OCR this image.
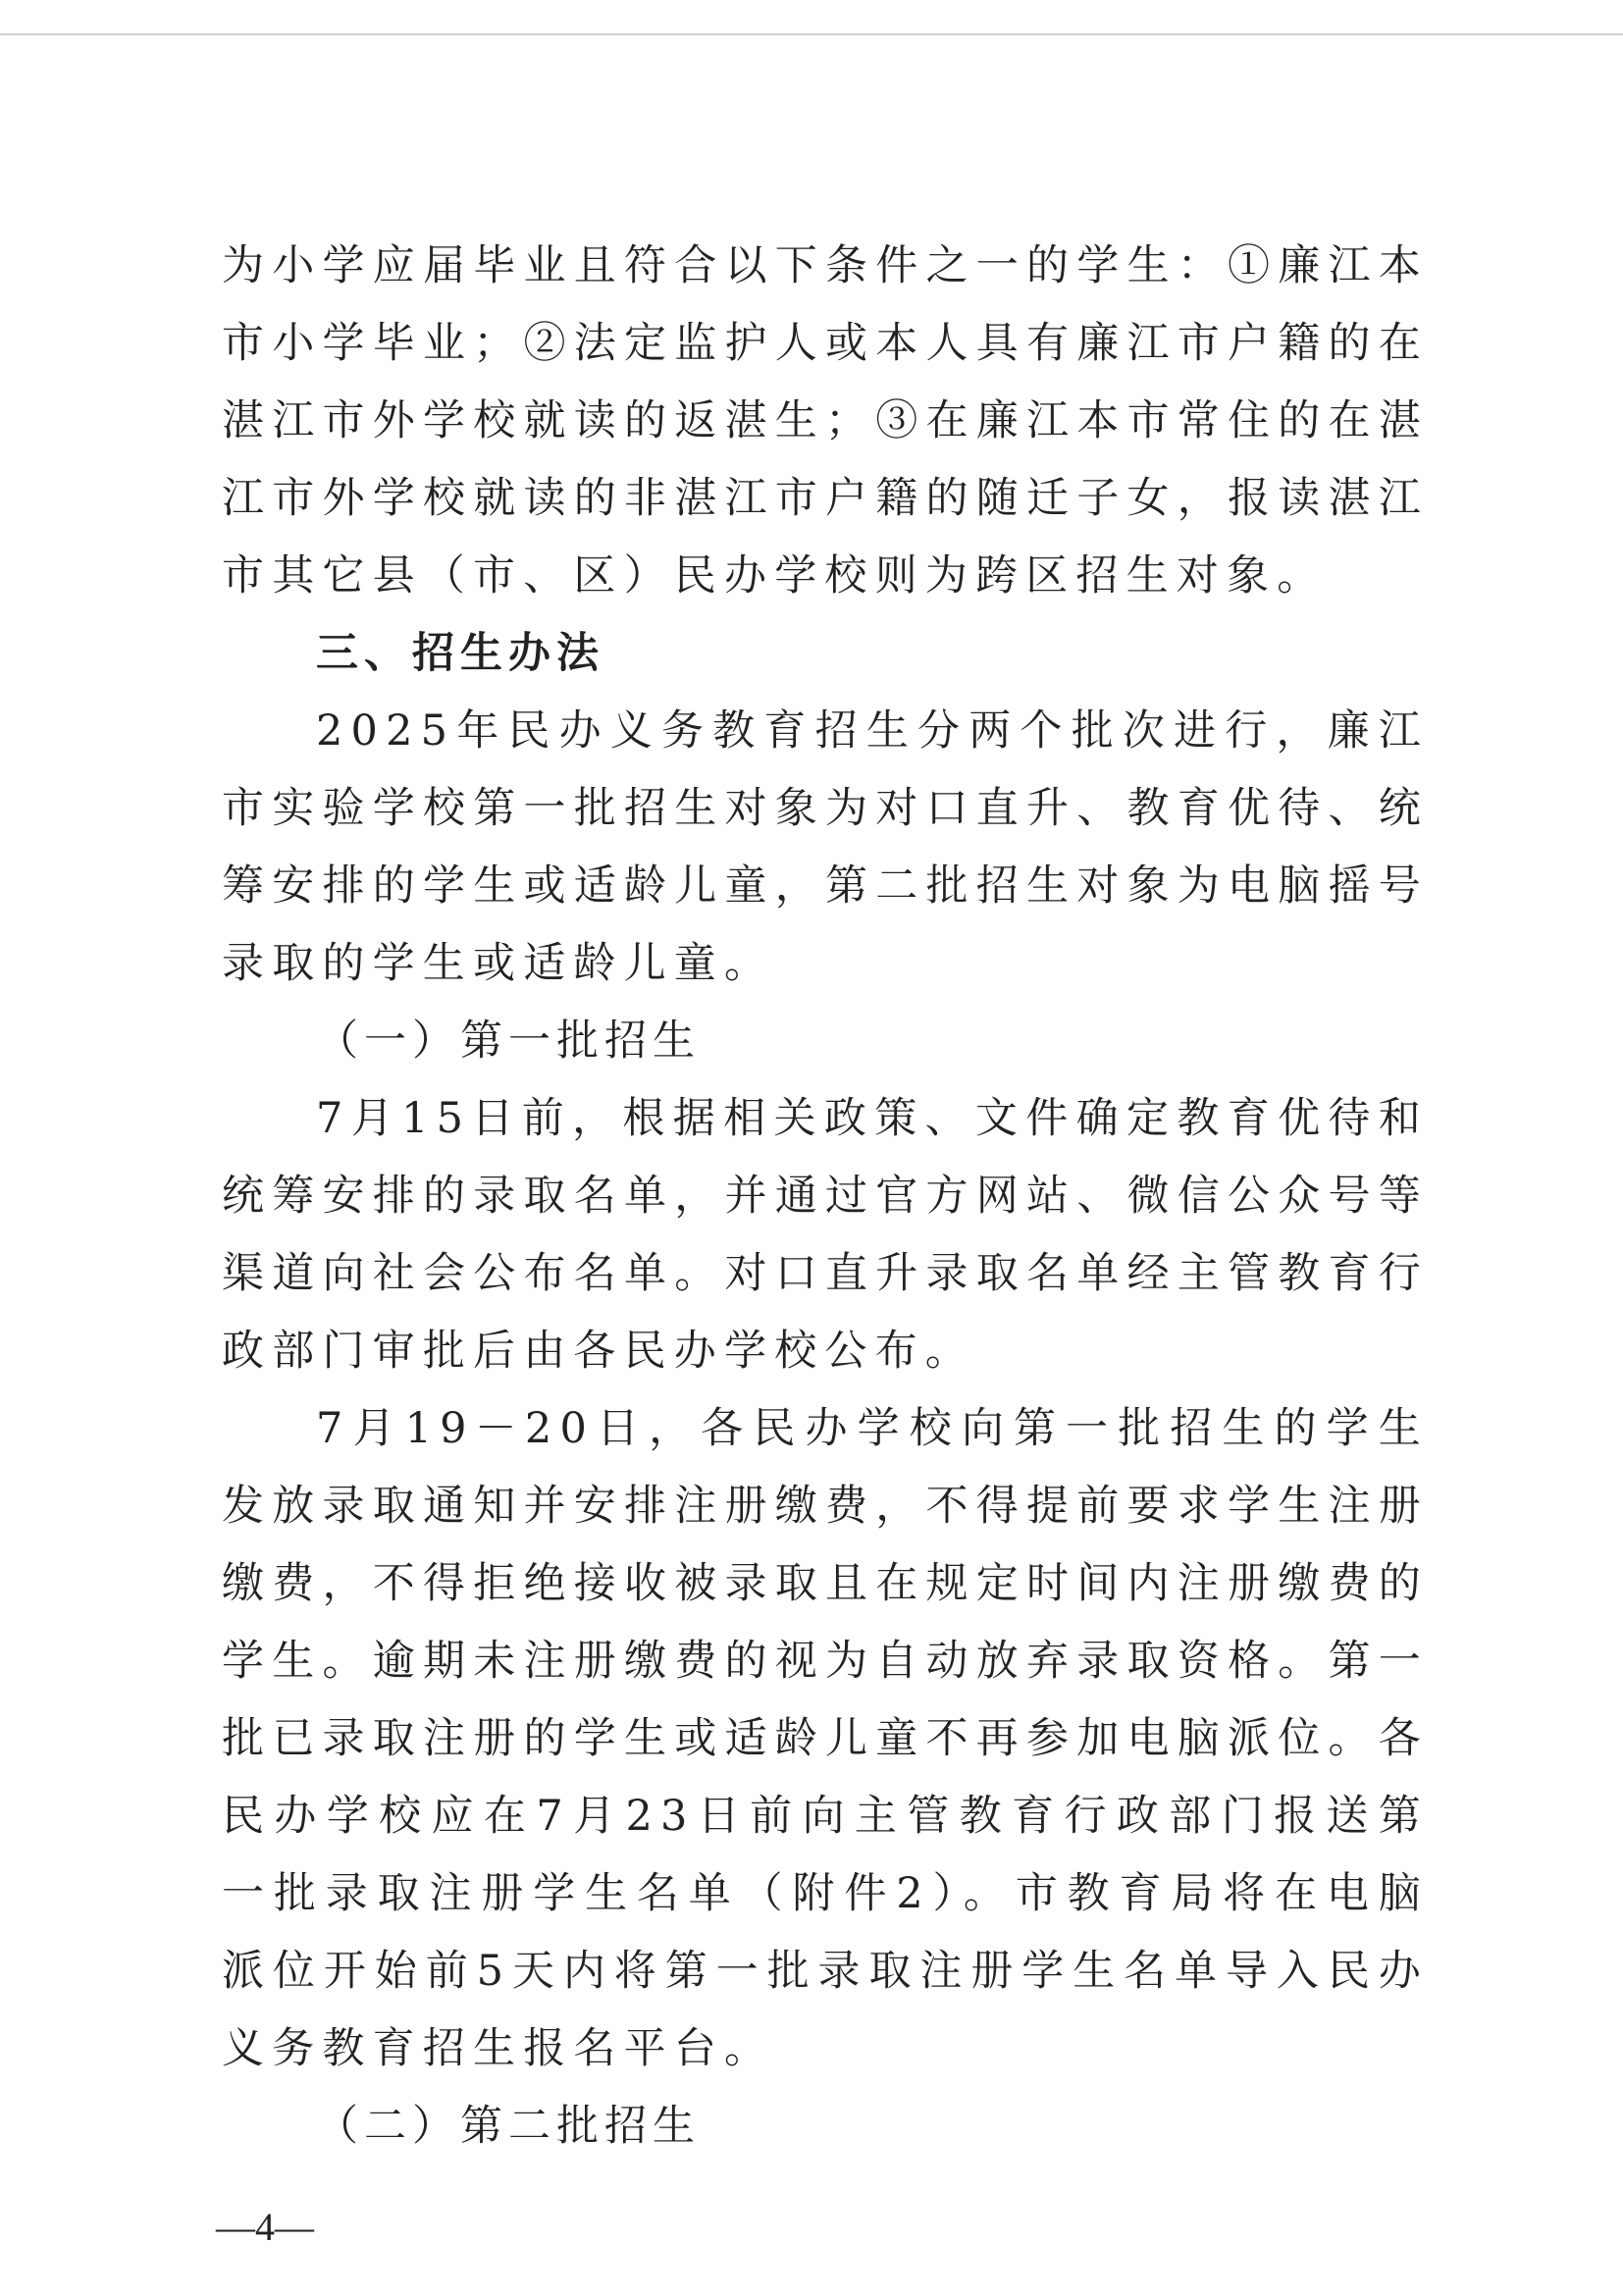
为小学应届毕业且符合以下条件之一的学生：①廉江本市小学毕业；②法定监护人或本人具有廉江市户籍的在湛江市外学校就读的返湛生；③在廉江本市常住的在湛江市外学校就读的非湛江市户籍的随迁子女，报读湛江市其它县（市、区）民办学校则为跨区招生对象。

三、招生办法

2025年民办义务教育招生分两个批次进行，廉江市实验学校第一批招生对象为对口直升、教育优待、统筹安排的学生或适龄儿童，第二批招生对象为电脑摇号录取的学生或适龄儿童。

（一）第一批招生

7月15日前，根据相关政策、文件确定教育优待和统筹安排的录取名单，并通过官方网站、微信公众号等渠道向社会公布名单。对口直升录取名单经主管教育行政部门审批后由各民办学校公布。

7月19－20日，各民办学校向第一批招生的学生发放录取通知并安排注册缴费，不得提前要求学生注册缴费，不得拒绝接收被录取且在规定时间内注册缴费的学生。逾期未注册缴费的视为自动放弃录取资格。第一批已录取注册的学生或适龄儿童不再参加电脑派位。各民办学校应在7月23日前向主管教育行政部门报送第一批录取注册学生名单（附件2）。市教育局将在电脑派位开始前5天内将第一批录取注册学生名单导入民办义务教育招生报名平台。

（二）第二批招生

—4—
